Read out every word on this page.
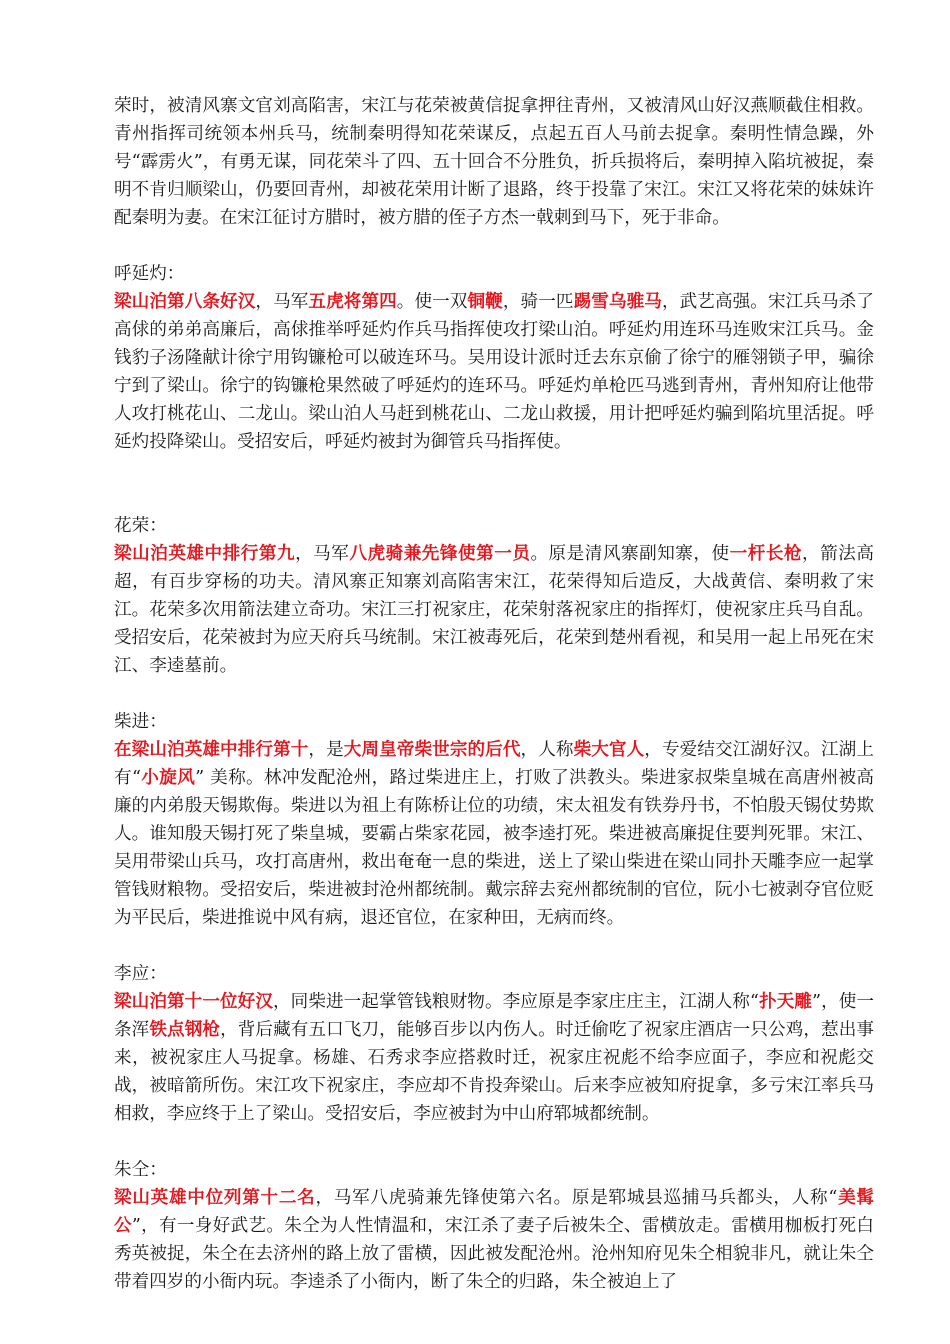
荣时，被清风寨文官刘高陷害，宋江与花荣被黄信捉拿押往青州，又被清风山好汉燕顺截住相救。青州指挥司统领本州兵马，统制秦明得知花荣谋反，点起五百人马前去捉拿。秦明性情急躁，外号“霹雳火”，有勇无谋，同花荣斗了四、五十回合不分胜负，折兵损将后，秦明掉入陷坑被捉，秦明不肯归顺梁山，仍要回青州，却被花荣用计断了退路，终于投靠了宋江。宋江又将花荣的妹妹许配秦明为妻。在宋江征讨方腊时，被方腊的侄子方杰一戟刺到马下，死于非命。

呼延灼：

梁山泊第八条好汉，马军五虎将第四。使一双铜鞭，骑一匹踢雪乌骓马，武艺高强。宋江兵马杀了高俅的弟弟高廉后，高俅推举呼延灼作兵马指挥使攻打梁山泊。呼延灼用连环马连败宋江兵马。金钱豹子汤隆献计徐宁用钩镰枪可以破连环马。吴用设计派时迁去东京偷了徐宁的雁翎锁子甲，骗徐宁到了梁山。徐宁的钩镰枪果然破了呼延灼的连环马。呼延灼单枪匹马逃到青州，青州知府让他带人攻打桃花山、二龙山。梁山泊人马赶到桃花山、二龙山救援，用计把呼延灼骗到陷坑里活捉。呼延灼投降梁山。受招安后，呼延灼被封为御管兵马指挥使。

花荣：

梁山泊英雄中排行第九，马军八虎骑兼先锋使第一员。原是清风寨副知寨，使一杆长枪，箭法高超，有百步穿杨的功夫。清风寨正知寨刘高陷害宋江，花荣得知后造反，大战黄信、秦明救了宋江。花荣多次用箭法建立奇功。宋江三打祝家庄，花荣射落祝家庄的指挥灯，使祝家庄兵马自乱。受招安后，花荣被封为应天府兵马统制。宋江被毒死后，花荣到楚州看视，和吴用一起上吊死在宋江、李逵墓前。

柴进：

在梁山泊英雄中排行第十，是大周皇帝柴世宗的后代，人称柴大官人，专爱结交江湖好汉。江湖上有“小旋风” 美称。林冲发配沧州，路过柴进庄上，打败了洪教头。柴进家叔柴皇城在高唐州被高廉的内弟殷天锡欺侮。柴进以为祖上有陈桥让位的功绩，宋太祖发有铁券丹书，不怕殷天锡仗势欺人。谁知殷天锡打死了柴皇城，要霸占柴家花园，被李逵打死。柴进被高廉捉住要判死罪。宋江、吴用带梁山兵马，攻打高唐州，救出奄奄一息的柴进，送上了梁山柴进在梁山同扑天雕李应一起掌管钱财粮物。受招安后，柴进被封沧州都统制。戴宗辞去兖州都统制的官位，阮小七被剥夺官位贬为平民后，柴进推说中风有病，退还官位，在家种田，无病而终。

李应：

梁山泊第十一位好汉，同柴进一起掌管钱粮财物。李应原是李家庄庄主，江湖人称“扑天雕”，使一条浑铁点钢枪，背后藏有五口飞刀，能够百步以内伤人。时迁偷吃了祝家庄酒店一只公鸡，惹出事来，被祝家庄人马捉拿。杨雄、石秀求李应搭救时迁，祝家庄祝彪不给李应面子，李应和祝彪交战，被暗箭所伤。宋江攻下祝家庄，李应却不肯投奔梁山。后来李应被知府捉拿，多亏宋江率兵马相救，李应终于上了梁山。受招安后，李应被封为中山府郓城都统制。

朱仝：

梁山英雄中位列第十二名，马军八虎骑兼先锋使第六名。原是郓城县巡捕马兵都头，人称“美髯公”，有一身好武艺。朱仝为人性情温和，宋江杀了妻子后被朱仝、雷横放走。雷横用枷板打死白秀英被捉，朱仝在去济州的路上放了雷横，因此被发配沧州。沧州知府见朱仝相貌非凡，就让朱仝带着四岁的小衙内玩。李逵杀了小衙内，断了朱仝的归路，朱仝被迫上了
